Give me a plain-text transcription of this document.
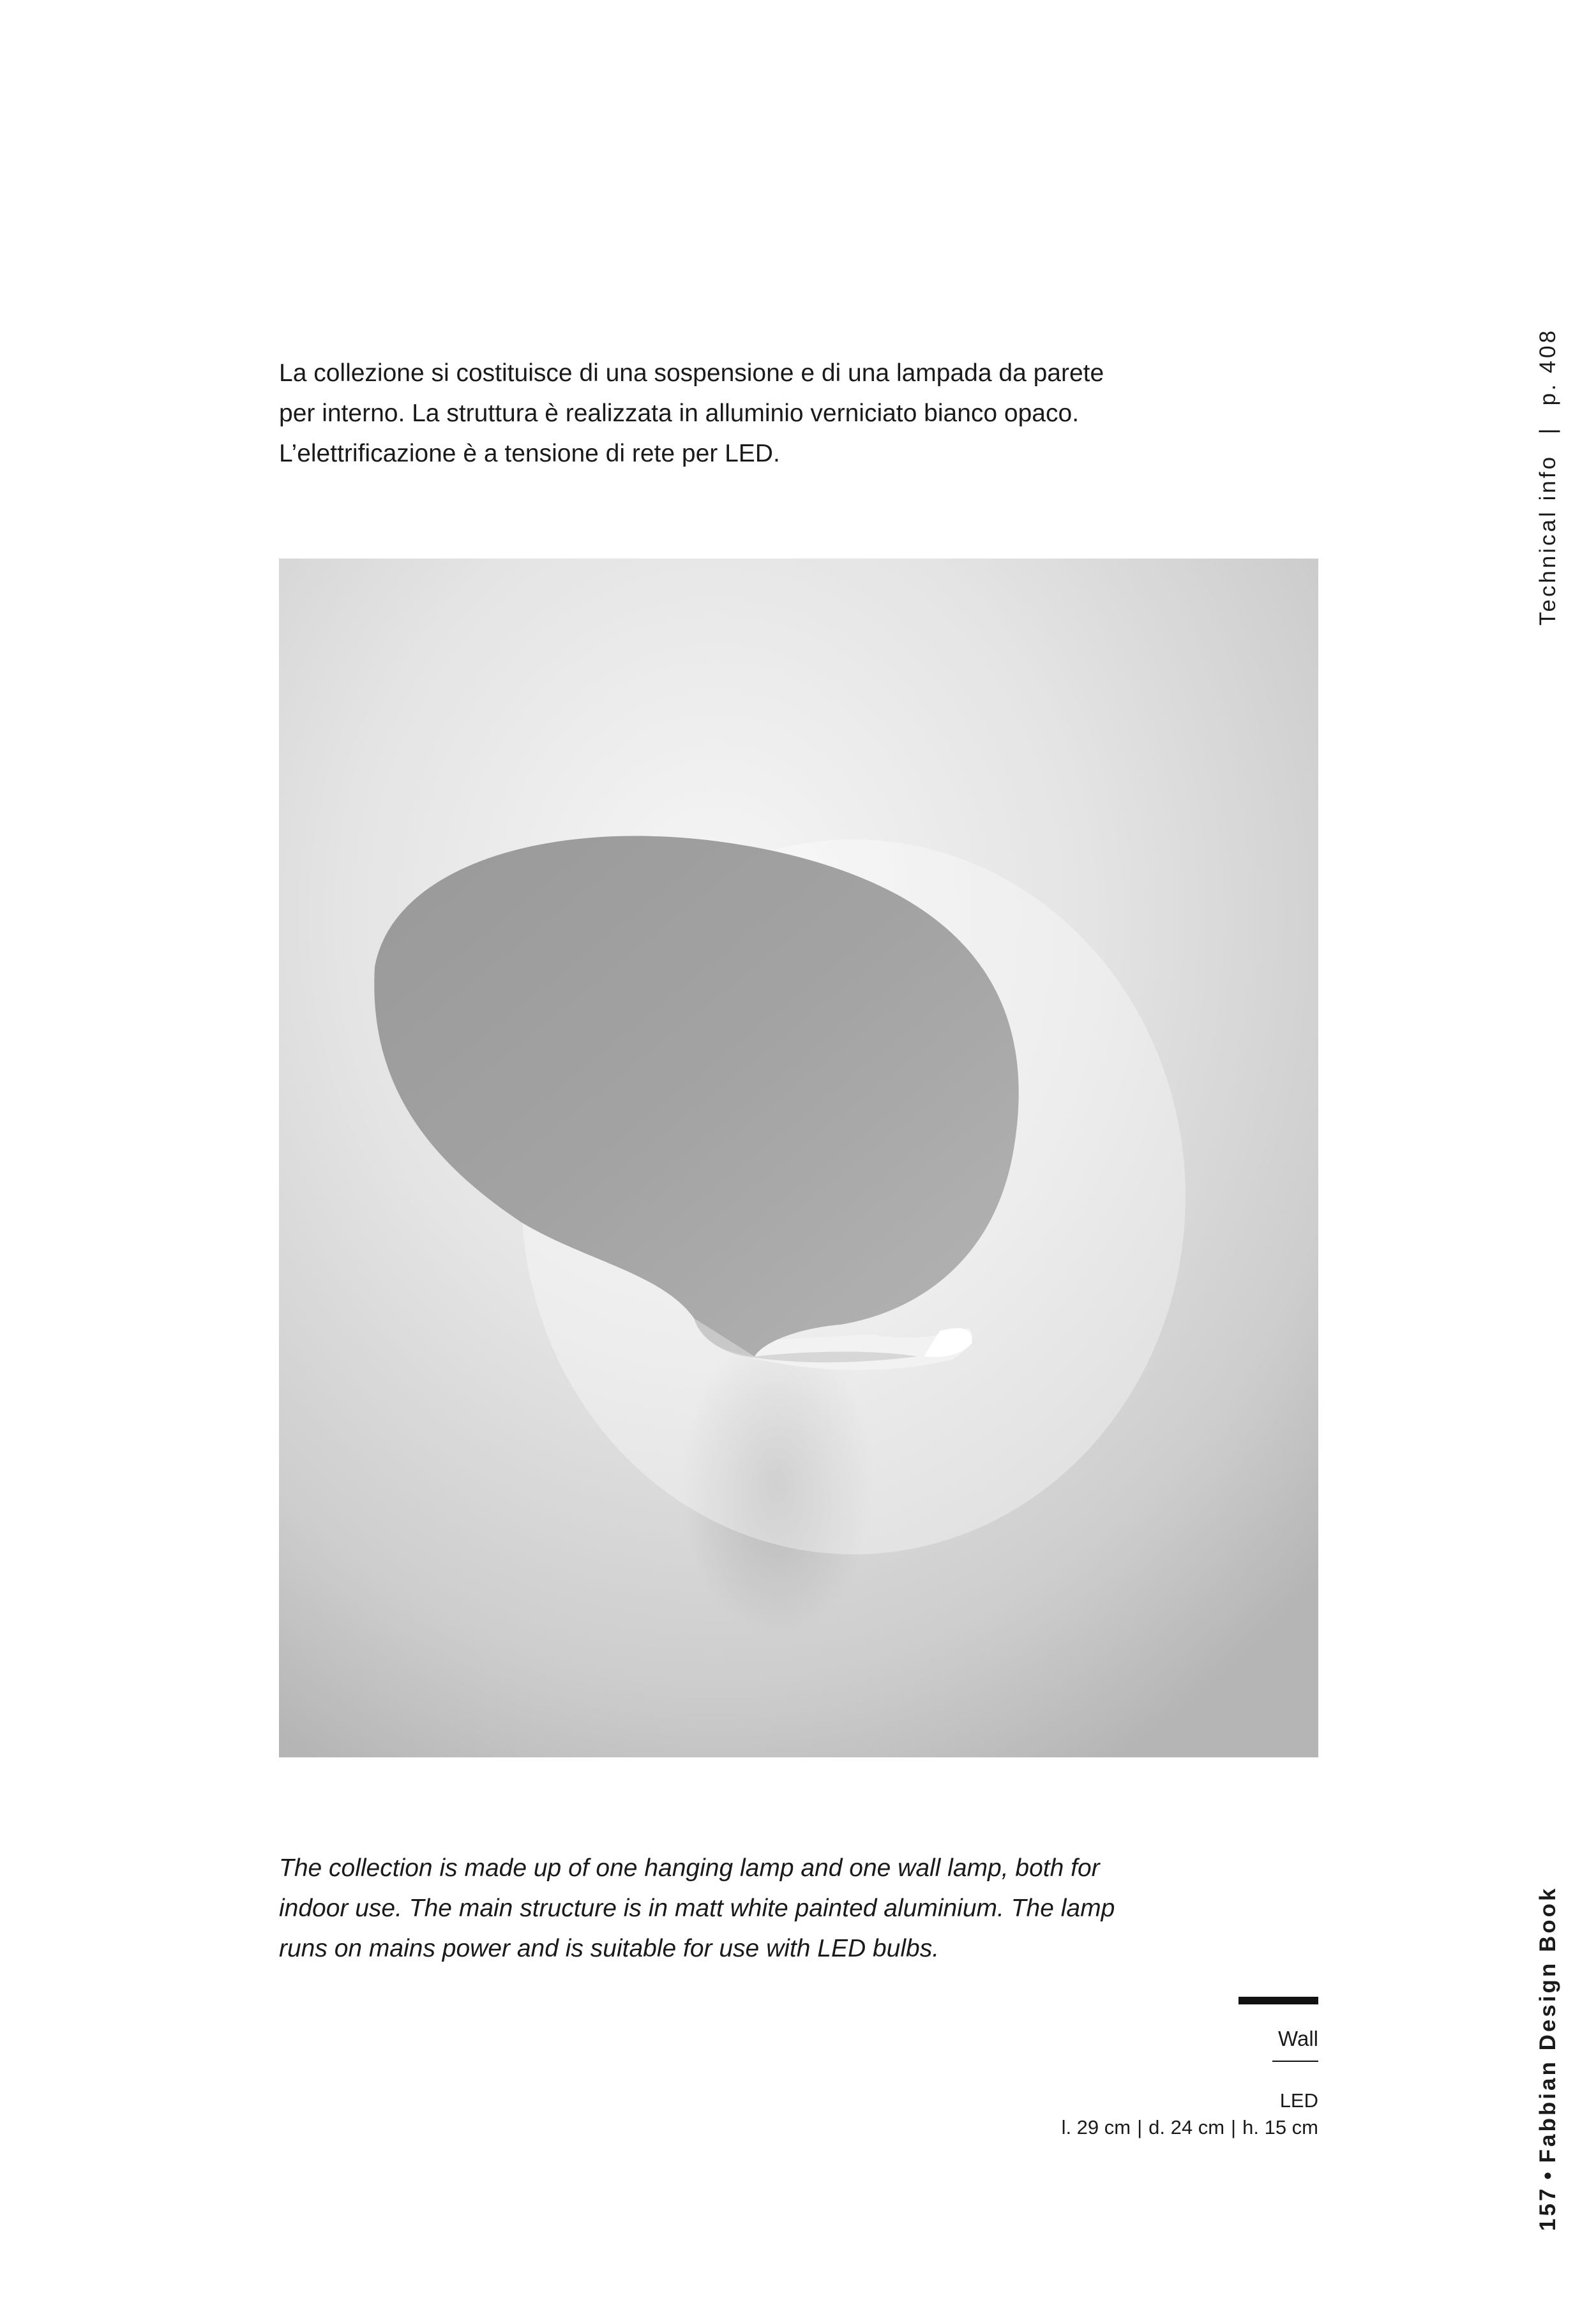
La collezione si costituisce di una sospensione e di una lampada da parete
per interno. La struttura è realizzata in alluminio verniciato bianco opaco.
L’elettrificazione è a tensione di rete per LED.
Technical info | p. 408
The collection is made up of one hanging lamp and one wall lamp, both for
indoor use. The main structure is in matt white painted aluminium. The lamp
runs on mains power and is suitable for use with LED bulbs.
157•Fabbian Design Book
Wall
LED
l. 29 cm | d. 24 cm | h. 15 cm
